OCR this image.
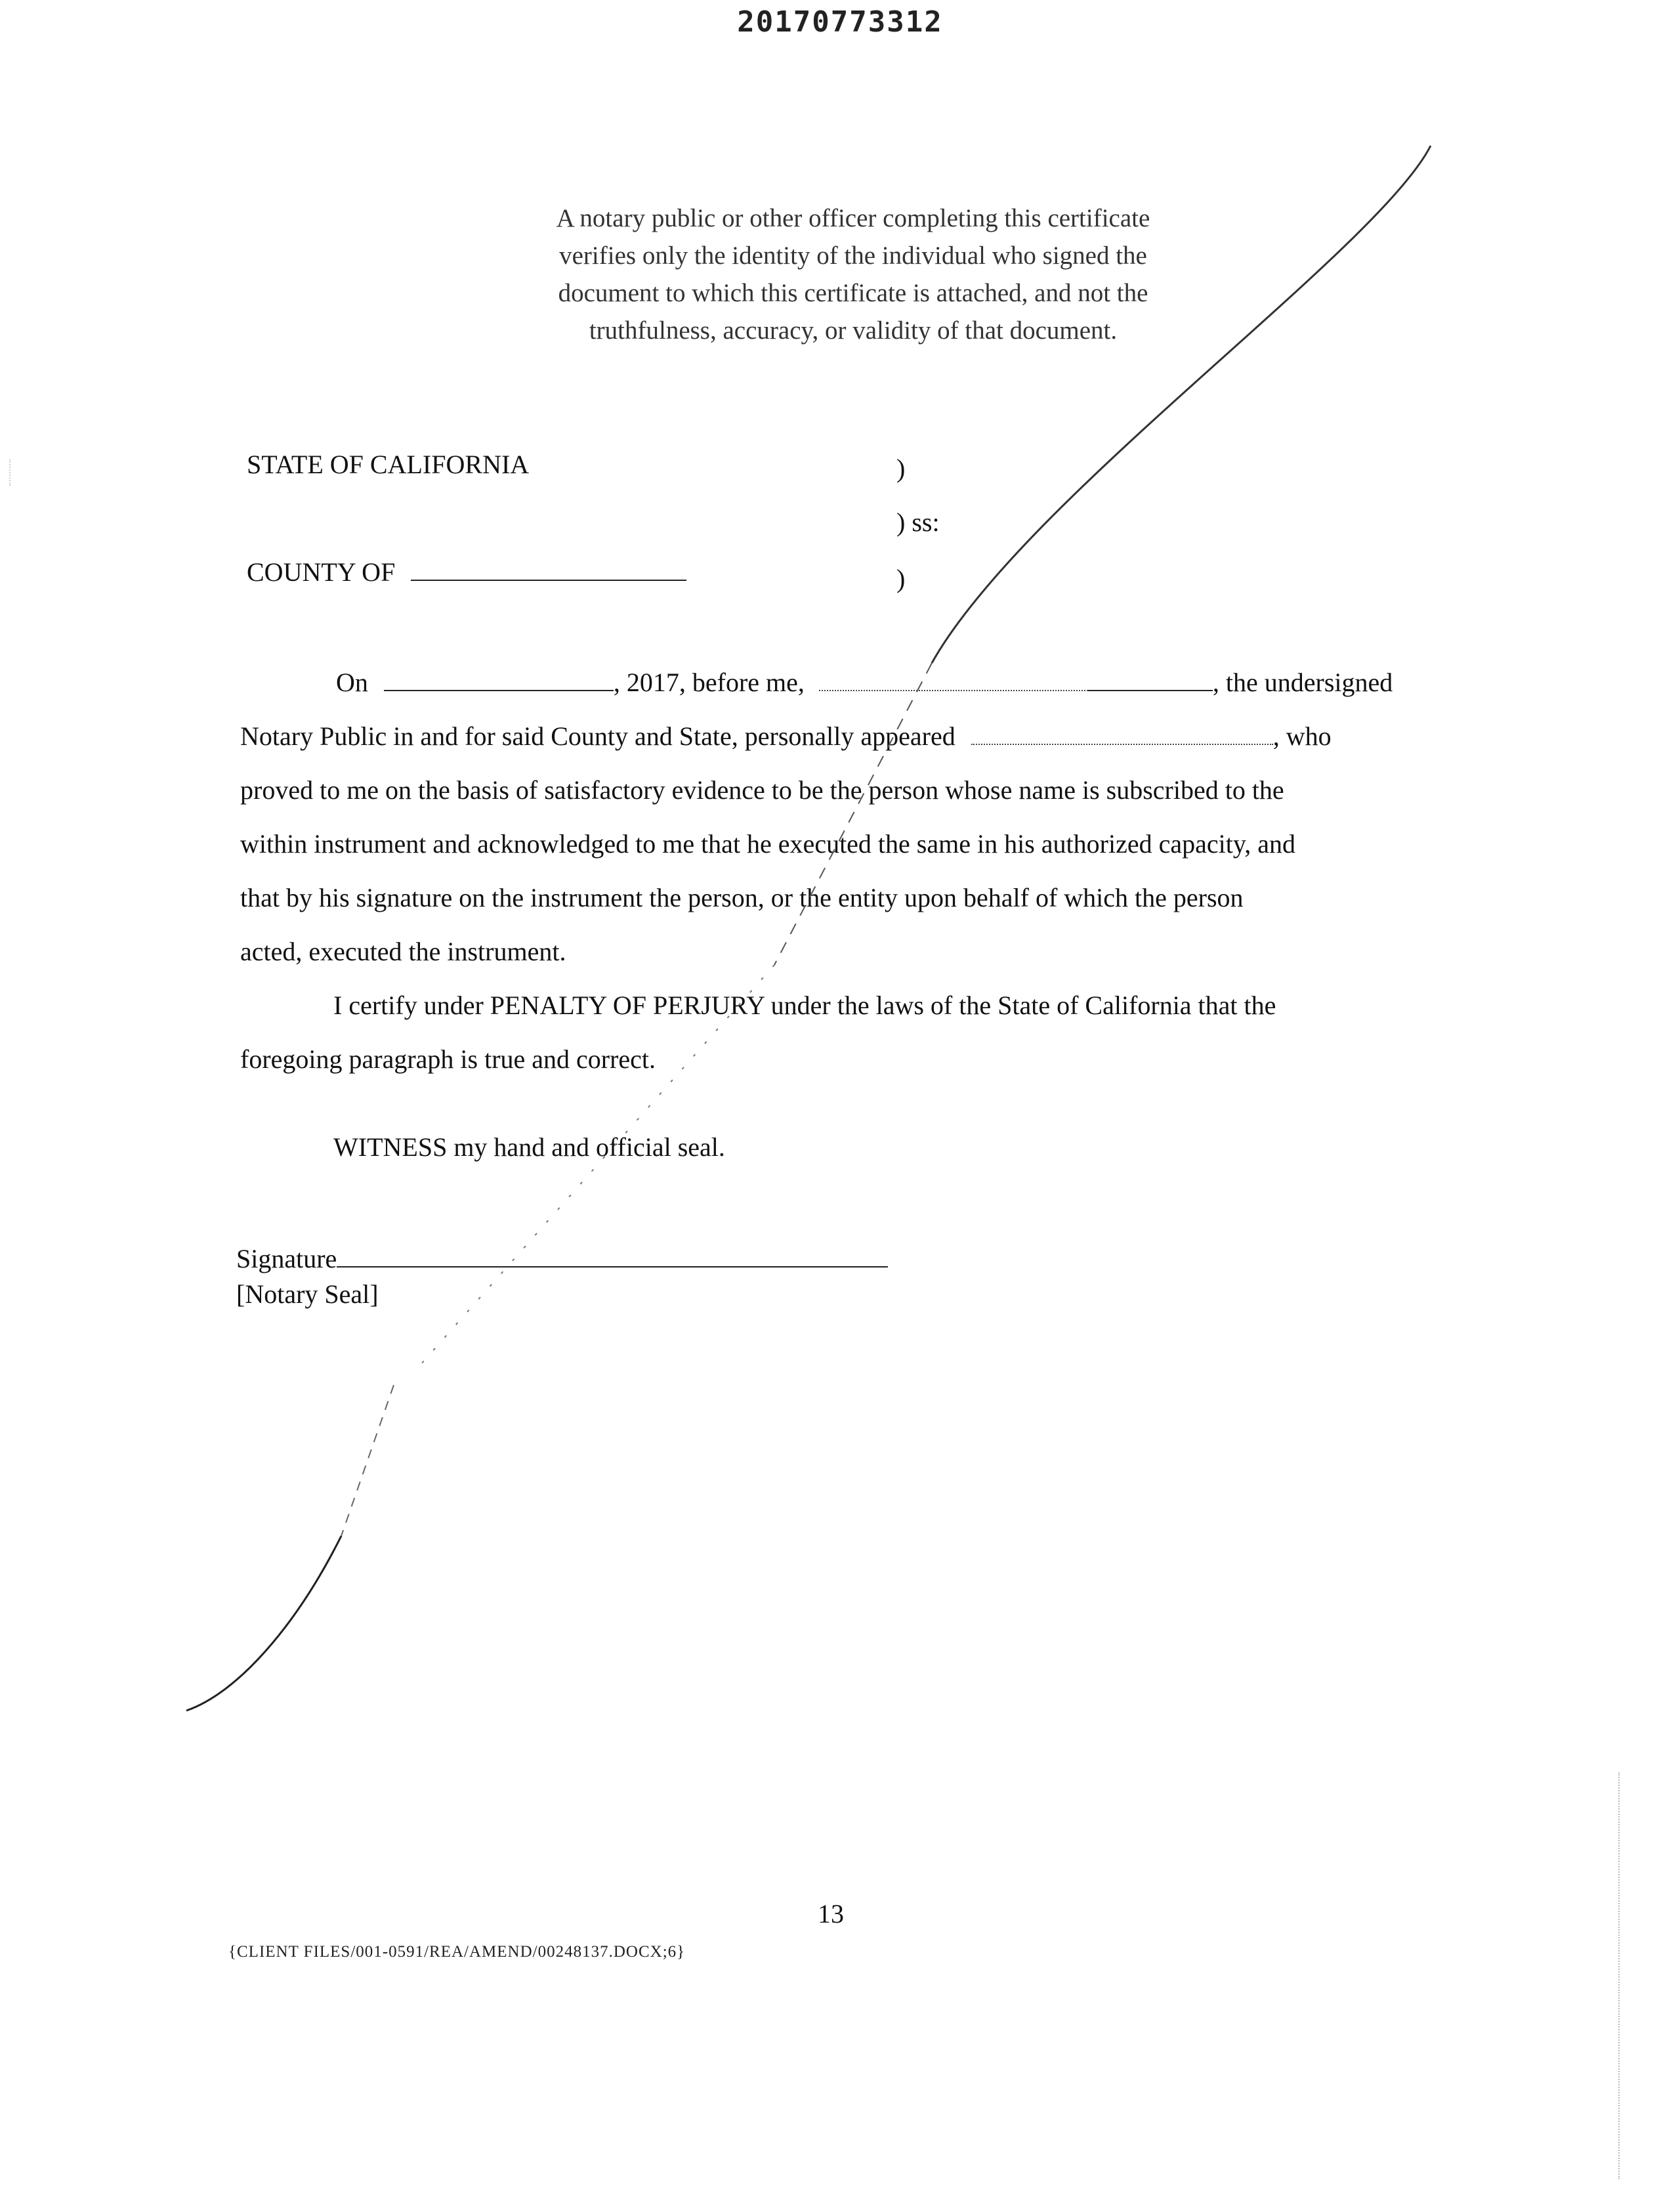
20170773312
A notary public or other officer completing this certificate
verifies only the identity of the individual who signed the
document to which this certificate is attached, and not the
truthfulness, accuracy, or validity of that document.
STATE OF CALIFORNIA	)
) ss:
COUNTY OF	)
On	, 2017, before me,	, the undersigned
Notary Public in and for said County and State, personally appeared	, who
proved to me on the basis of satisfactory evidence to be the person whose name is subscribed to the
within instrument and acknowledged to me that he executed the same in his authorized capacity, and
that by his signature on the instrument the person, or the entity upon behalf of which the person
acted, executed the instrument.
I certify under PENALTY OF PERJURY under the laws of the State of California that the
foregoing paragraph is true and correct.
WITNESS my hand and official seal.
Signature
[Notary Seal]
13
{CLIENT FILES/001-0591/REA/AMEND/00248137.DOCX;6}
